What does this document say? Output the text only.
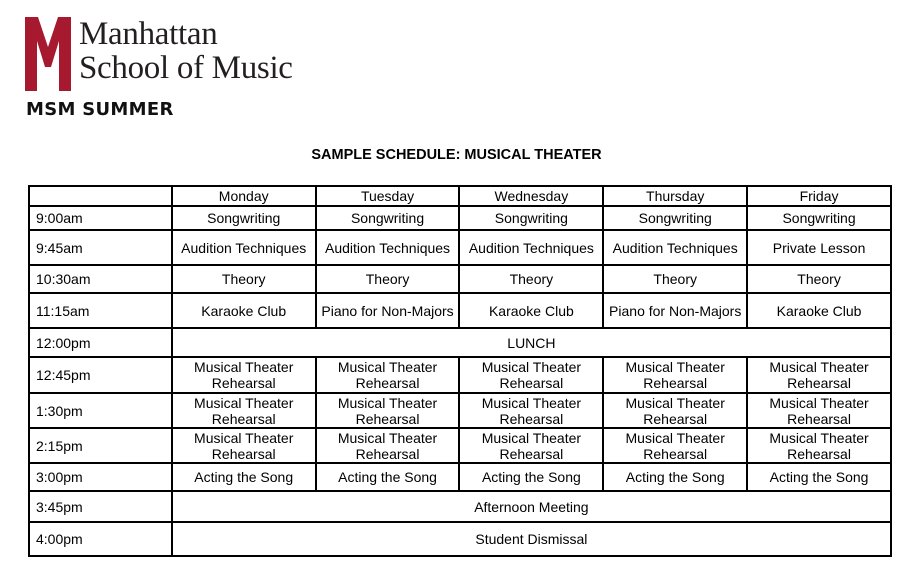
Manhattan
School of Music
MSM SUMMER
SAMPLE SCHEDULE: MUSICAL THEATER
	Monday	Tuesday	Wednesday	Thursday	Friday
9:00am	Songwriting	Songwriting	Songwriting	Songwriting	Songwriting
9:45am	Audition Techniques	Audition Techniques	Audition Techniques	Audition Techniques	Private Lesson
10:30am	Theory	Theory	Theory	Theory	Theory
11:15am	Karaoke Club	Piano for Non-Majors	Karaoke Club	Piano for Non-Majors	Karaoke Club
12:00pm	LUNCH				
12:45pm	Musical Theater Rehearsal	Musical Theater Rehearsal	Musical Theater Rehearsal	Musical Theater Rehearsal	Musical Theater Rehearsal
1:30pm	Musical Theater Rehearsal	Musical Theater Rehearsal	Musical Theater Rehearsal	Musical Theater Rehearsal	Musical Theater Rehearsal
2:15pm	Musical Theater Rehearsal	Musical Theater Rehearsal	Musical Theater Rehearsal	Musical Theater Rehearsal	Musical Theater Rehearsal
3:00pm	Acting the Song	Acting the Song	Acting the Song	Acting the Song	Acting the Song
3:45pm	Afternoon Meeting				
4:00pm	Student Dismissal				
